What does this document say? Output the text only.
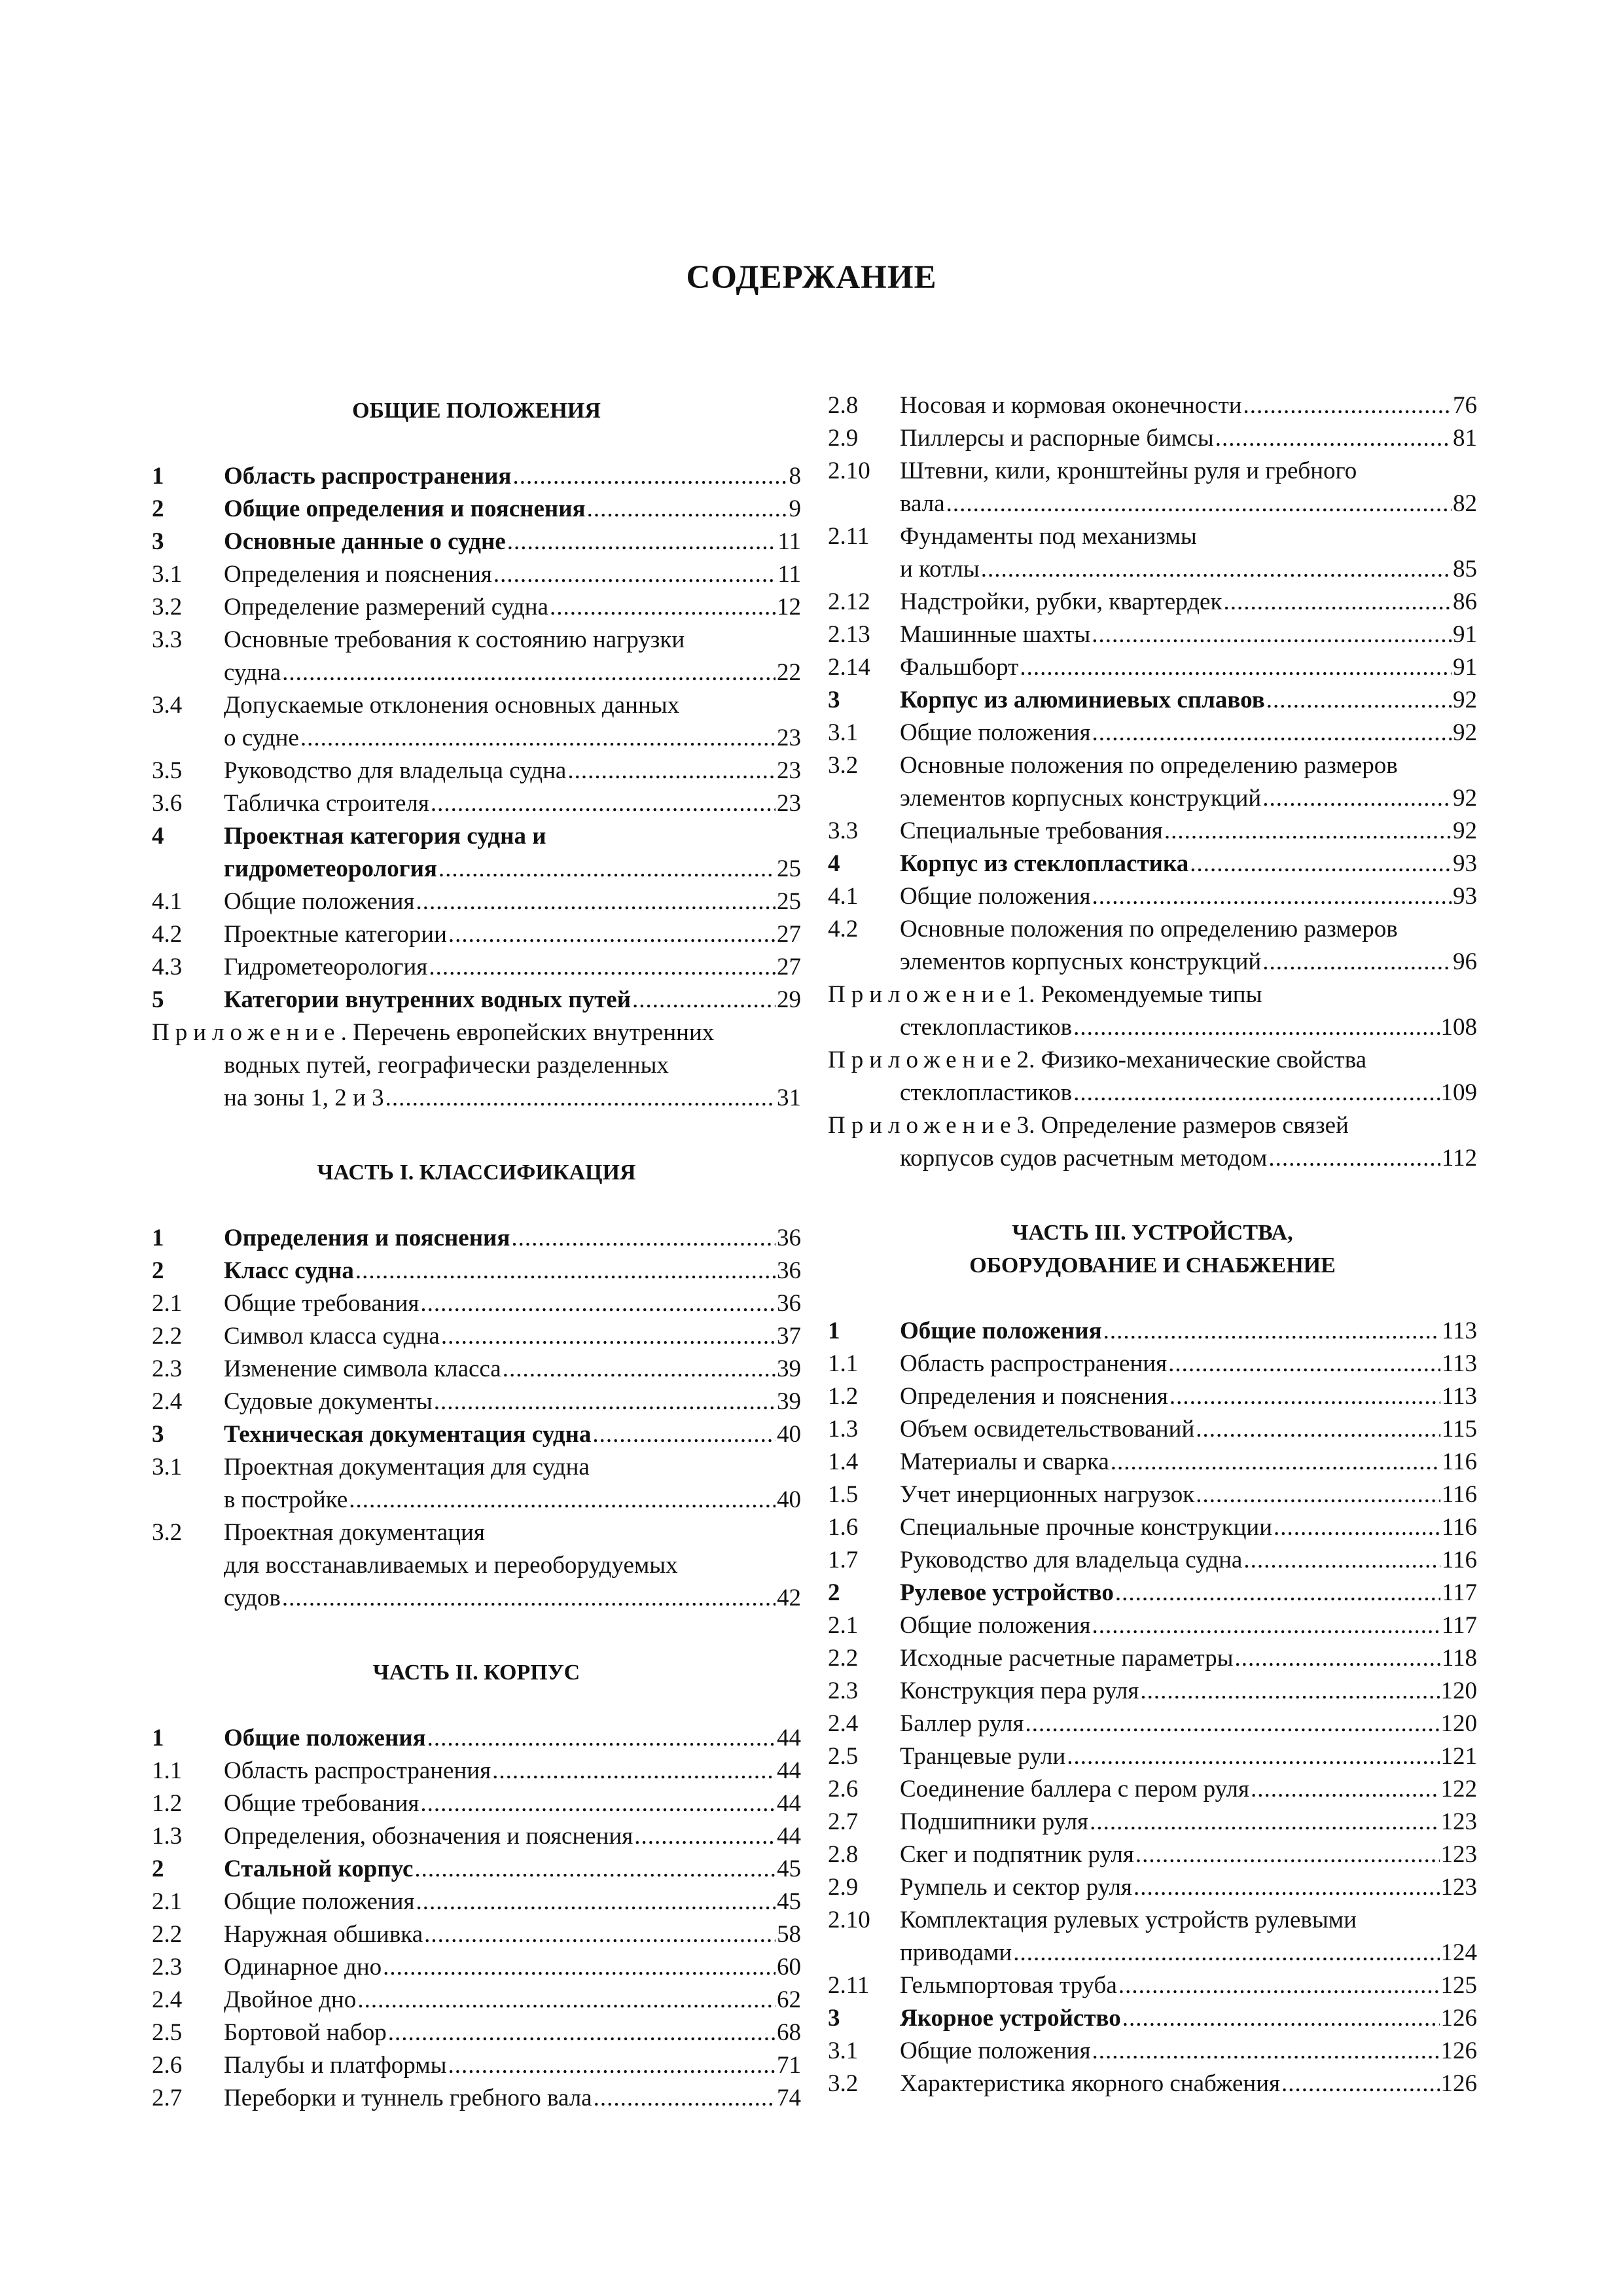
СОДЕРЖАНИЕ
ОБЩИЕ ПОЛОЖЕНИЯ
1	Область распространения .....	8
2	Общие определения и пояснения .....	9
3	Основные данные о судне .....	11
3.1	Определения и пояснения .....	11
3.2	Определение размерений судна .....	12
3.3	Основные требования к состоянию нагрузки
судна .....	22
3.4	Допускаемые отклонения основных данных
о судне .....	23
3.5	Руководство для владельца судна .....	23
3.6	Табличка строителя .....	23
4	Проектная категория судна и
гидрометеорология .....	25
4.1	Общие положения .....	25
4.2	Проектные категории .....	27
4.3	Гидрометеорология .....	27
5	Категории внутренних водных путей .....	29
Приложение . Перечень европейских внутренних
водных путей, географически разделенных
на зоны 1, 2 и 3 .....	31
ЧАСТЬ I. КЛАССИФИКАЦИЯ
1	Определения и пояснения .....	36
2	Класс судна .....	36
2.1	Общие требования .....	36
2.2	Символ класса судна .....	37
2.3	Изменение символа класса .....	39
2.4	Судовые документы .....	39
3	Техническая документация судна .....	40
3.1	Проектная документация для судна
в постройке .....	40
3.2	Проектная документация
для восстанавливаемых и переоборудуемых
судов .....	42
ЧАСТЬ II. КОРПУС
1	Общие положения .....	44
1.1	Область распространения .....	44
1.2	Общие требования .....	44
1.3	Определения, обозначения и пояснения .....	44
2	Стальной корпус .....	45
2.1	Общие положения .....	45
2.2	Наружная обшивка .....	58
2.3	Одинарное дно .....	60
2.4	Двойное дно .....	62
2.5	Бортовой набор .....	68
2.6	Палубы и платформы .....	71
2.7	Переборки и туннель гребного вала .....	74
2.8	Носовая и кормовая оконечности .....	76
2.9	Пиллерсы и распорные бимсы .....	81
2.10	Штевни, кили, кронштейны руля и гребного
вала .....	82
2.11	Фундаменты под механизмы
и котлы .....	85
2.12	Надстройки, рубки, квартердек .....	86
2.13	Машинные шахты .....	91
2.14	Фальшборт .....	91
3	Корпус из алюминиевых сплавов .....	92
3.1	Общие положения .....	92
3.2	Основные положения по определению размеров
элементов корпусных конструкций .....	92
3.3	Специальные требования .....	92
4	Корпус из стеклопластика .....	93
4.1	Общие положения .....	93
4.2	Основные положения по определению размеров
элементов корпусных конструкций .....	96
Приложение 1. Рекомендуемые типы
стеклопластиков .....	108
Приложение 2. Физико-механические свойства
стеклопластиков .....	109
Приложение 3. Определение размеров связей
корпусов судов расчетным методом .....	112
ЧАСТЬ III. УСТРОЙСТВА,
ОБОРУДОВАНИЕ И СНАБЖЕНИЕ
1	Общие положения .....	113
1.1	Область распространения .....	113
1.2	Определения и пояснения .....	113
1.3	Объем освидетельствований .....	115
1.4	Материалы и сварка .....	116
1.5	Учет инерционных нагрузок .....	116
1.6	Специальные прочные конструкции .....	116
1.7	Руководство для владельца судна .....	116
2	Рулевое устройство .....	117
2.1	Общие положения .....	117
2.2	Исходные расчетные параметры .....	118
2.3	Конструкция пера руля .....	120
2.4	Баллер руля .....	120
2.5	Транцевые рули .....	121
2.6	Соединение баллера с пером руля .....	122
2.7	Подшипники руля .....	123
2.8	Скег и подпятник руля .....	123
2.9	Румпель и сектор руля .....	123
2.10	Комплектация рулевых устройств рулевыми
приводами .....	124
2.11	Гельмпортовая труба .....	125
3	Якорное устройство .....	126
3.1	Общие положения .....	126
3.2	Характеристика якорного снабжения .....	126
